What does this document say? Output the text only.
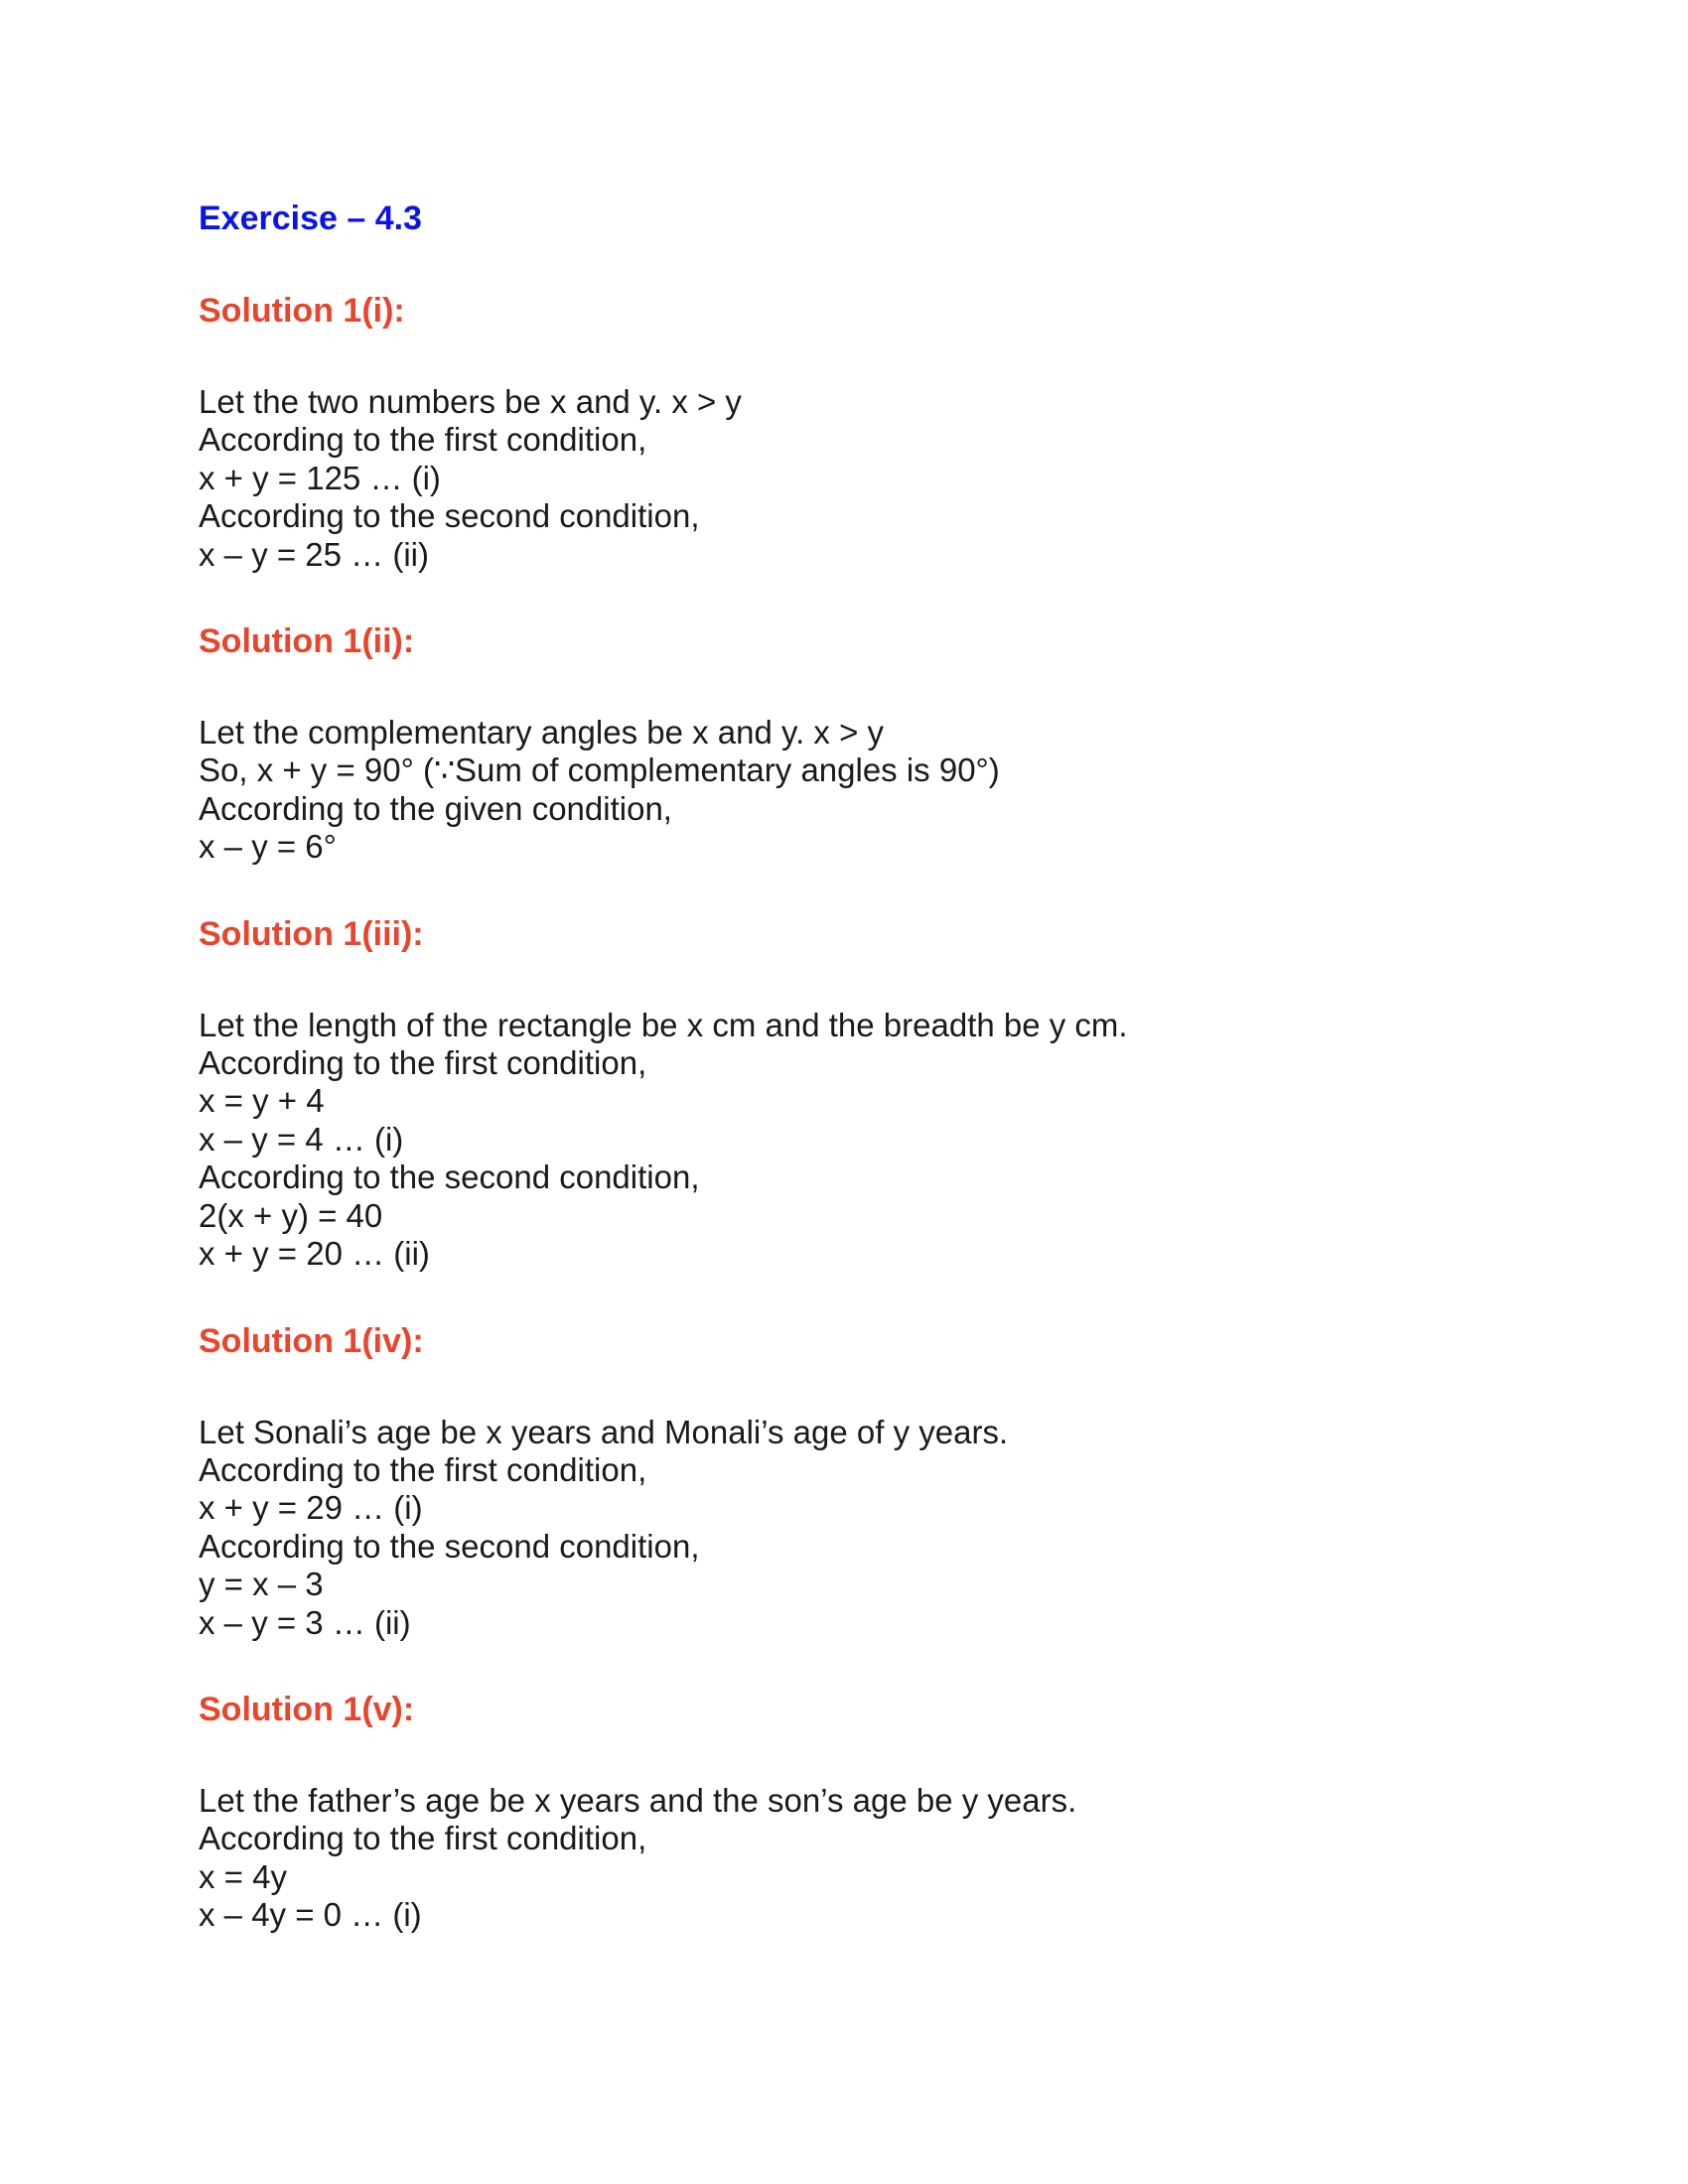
Exercise – 4.3
Solution 1(i):

Let the two numbers be x and y. x > y

According to the first condition,

x + y = 125 … (i)

According to the second condition,

x – y = 25 … (ii)

Solution 1(ii):

Let the complementary angles be x and y. x > y

So, x + y = 90° (∵Sum of complementary angles is 90°)

According to the given condition,

x – y = 6°

Solution 1(iii):

Let the length of the rectangle be x cm and the breadth be y cm.

According to the first condition,

x = y + 4

x – y = 4 … (i)

According to the second condition,

2(x + y) = 40

x + y = 20 … (ii)

Solution 1(iv):

Let Sonali’s age be x years and Monali’s age of y years.

According to the first condition,

x + y = 29 … (i)

According to the second condition,

y = x – 3

x – y = 3 … (ii)

Solution 1(v):

Let the father’s age be x years and the son’s age be y years.

According to the first condition,

x = 4y

x – 4y = 0 … (i)
